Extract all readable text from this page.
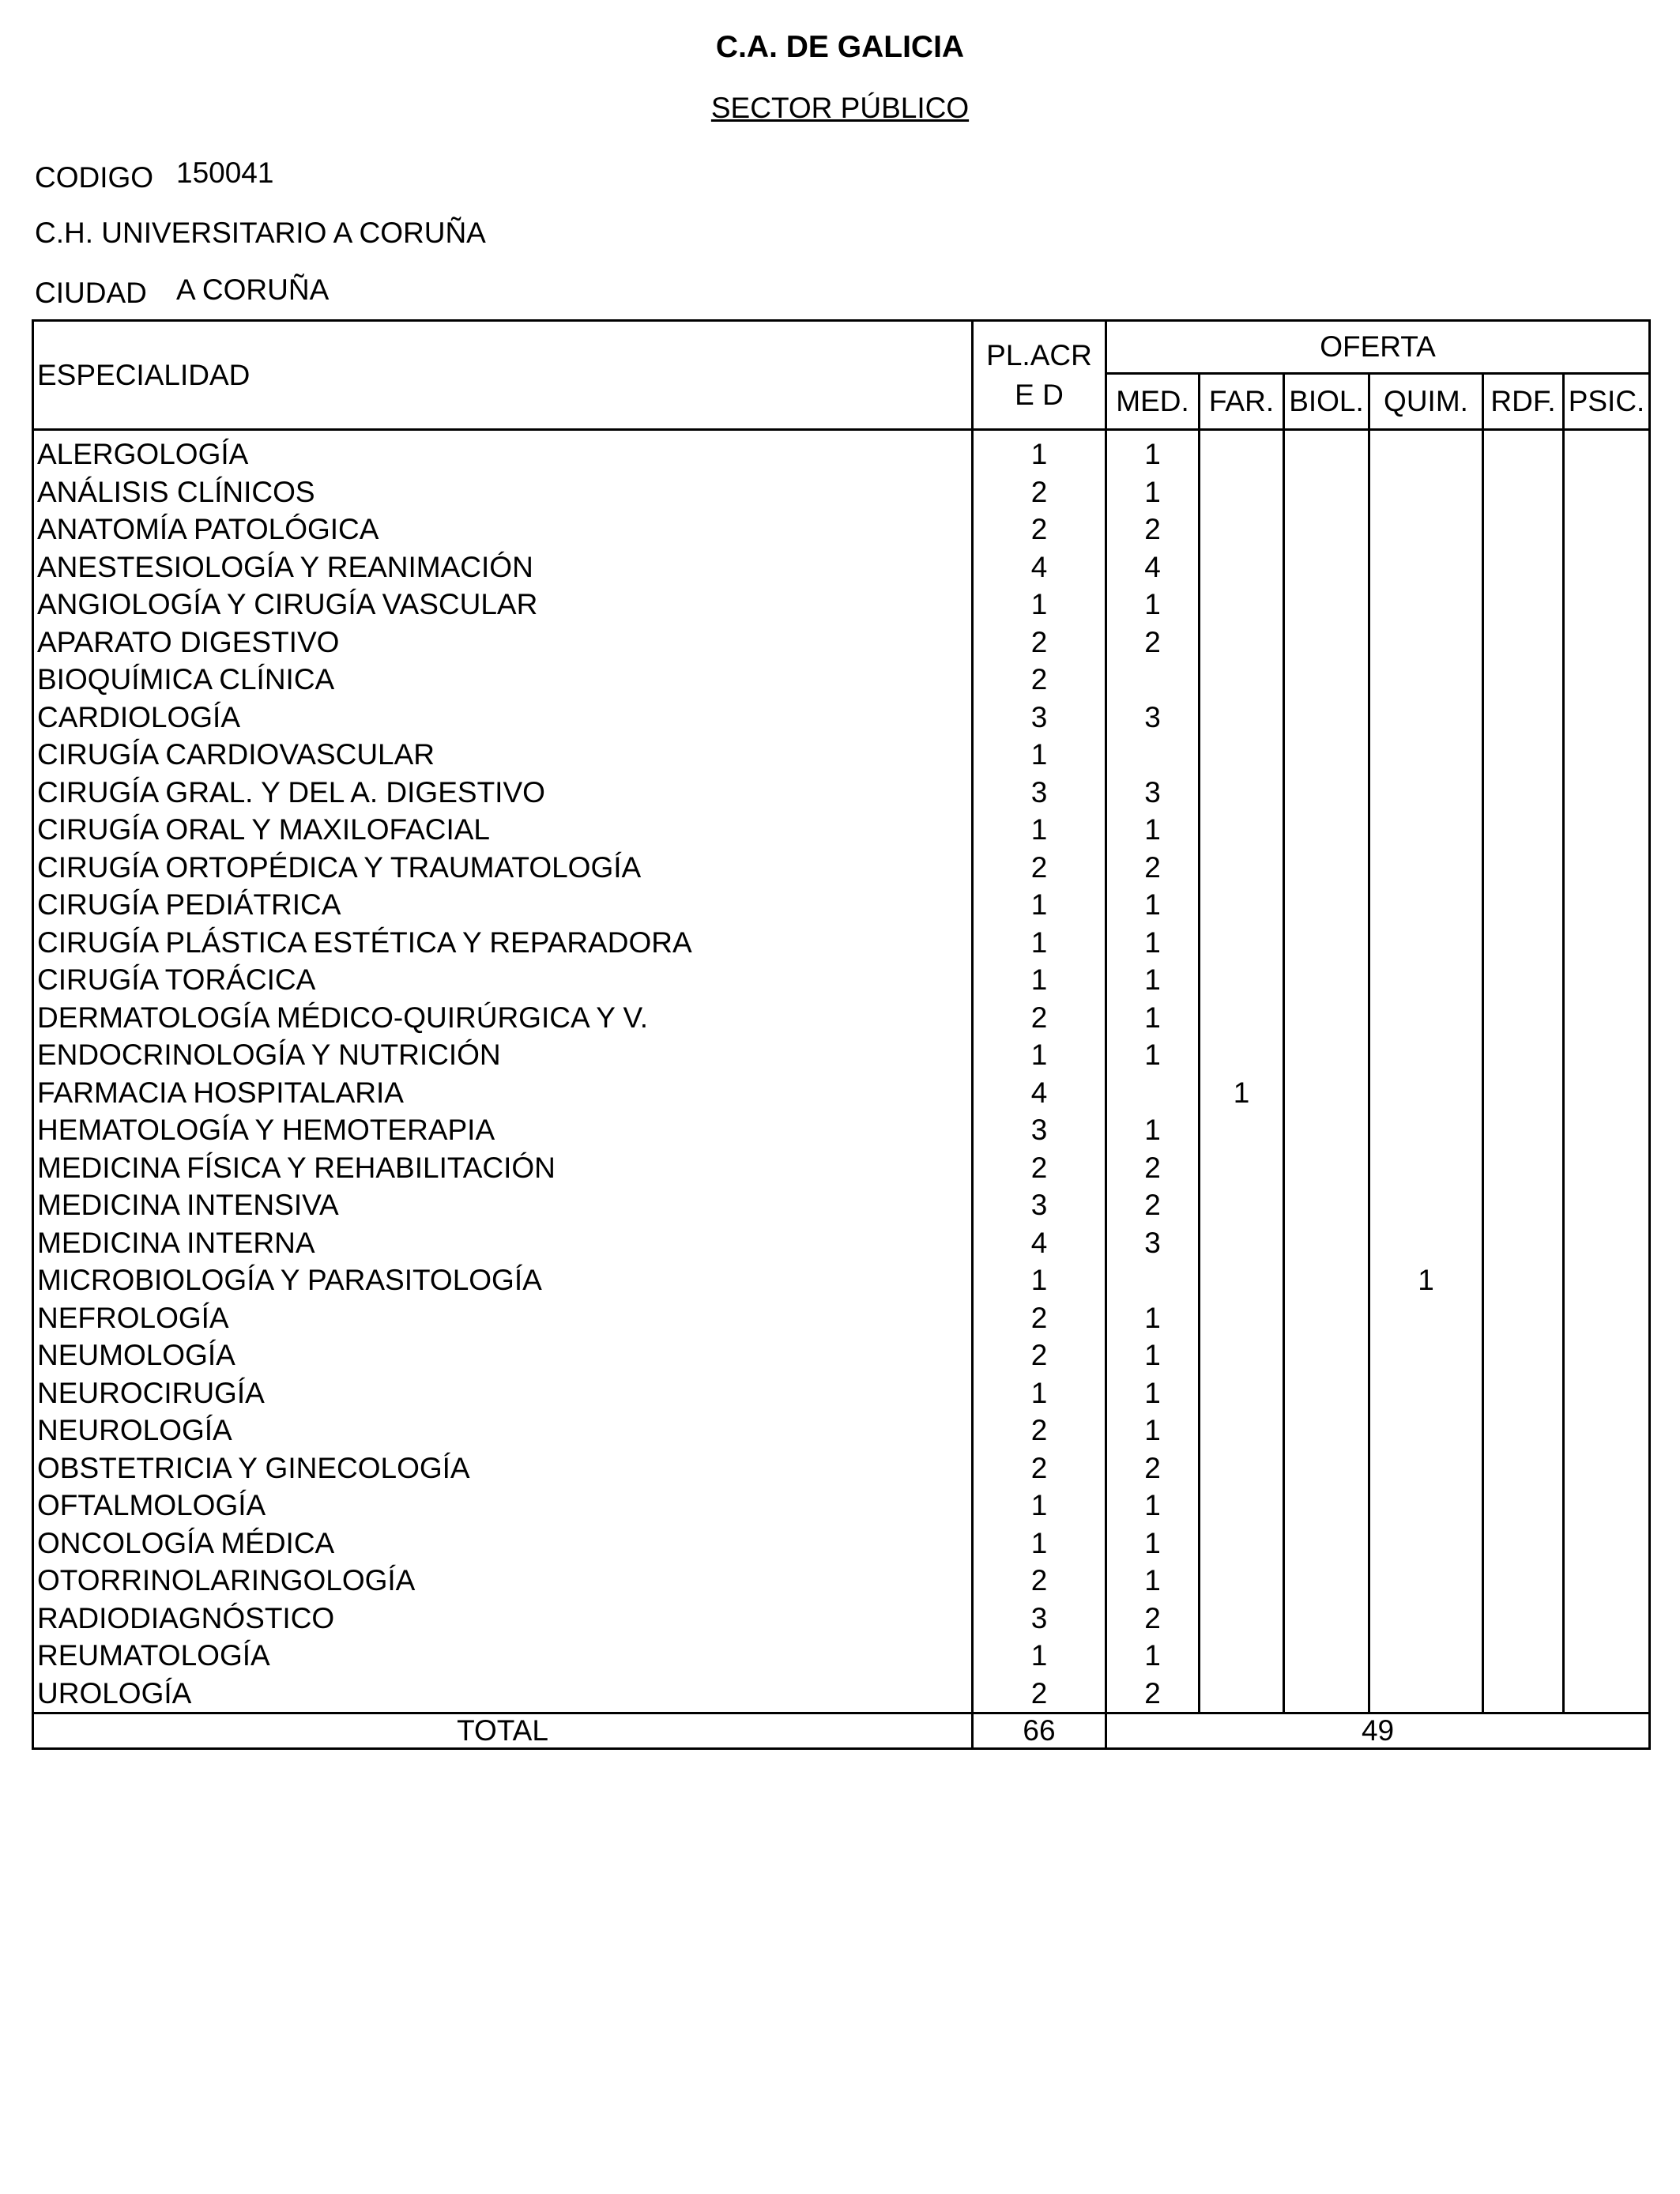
C.A. DE GALICIA
SECTOR PÚBLICO
CODIGO 150041
C.H. UNIVERSITARIO A CORUÑA
CIUDAD A CORUÑA
ESPECIALIDAD	PL.ACRE D	OFERTA					
		MED.	FAR.	BIOL.	QUIM.	RDF.	PSIC.
ALERGOLOGÍA	1	1					
ANÁLISIS CLÍNICOS	2	1					
ANATOMÍA PATOLÓGICA	2	2					
ANESTESIOLOGÍA Y REANIMACIÓN	4	4					
ANGIOLOGÍA Y CIRUGÍA VASCULAR	1	1					
APARATO DIGESTIVO	2	2					
BIOQUÍMICA CLÍNICA	2						
CARDIOLOGÍA	3	3					
CIRUGÍA CARDIOVASCULAR	1						
CIRUGÍA GRAL. Y DEL A. DIGESTIVO	3	3					
CIRUGÍA ORAL Y MAXILOFACIAL	1	1					
CIRUGÍA ORTOPÉDICA Y TRAUMATOLOGÍA	2	2					
CIRUGÍA PEDIÁTRICA	1	1					
CIRUGÍA PLÁSTICA ESTÉTICA Y REPARADORA	1	1					
CIRUGÍA TORÁCICA	1	1					
DERMATOLOGÍA MÉDICO-QUIRÚRGICA Y V.	2	1					
ENDOCRINOLOGÍA Y NUTRICIÓN	1	1					
FARMACIA HOSPITALARIA	4		1				
HEMATOLOGÍA Y HEMOTERAPIA	3	1					
MEDICINA FÍSICA Y REHABILITACIÓN	2	2					
MEDICINA INTENSIVA	3	2					
MEDICINA INTERNA	4	3					
MICROBIOLOGÍA Y PARASITOLOGÍA	1				1		
NEFROLOGÍA	2	1					
NEUMOLOGÍA	2	1					
NEUROCIRUGÍA	1	1					
NEUROLOGÍA	2	1					
OBSTETRICIA Y GINECOLOGÍA	2	2					
OFTALMOLOGÍA	1	1					
ONCOLOGÍA MÉDICA	1	1					
OTORRINOLARINGOLOGÍA	2	1					
RADIODIAGNÓSTICO	3	2					
REUMATOLOGÍA	1	1					
UROLOGÍA	2	2					
TOTAL	66	49					
